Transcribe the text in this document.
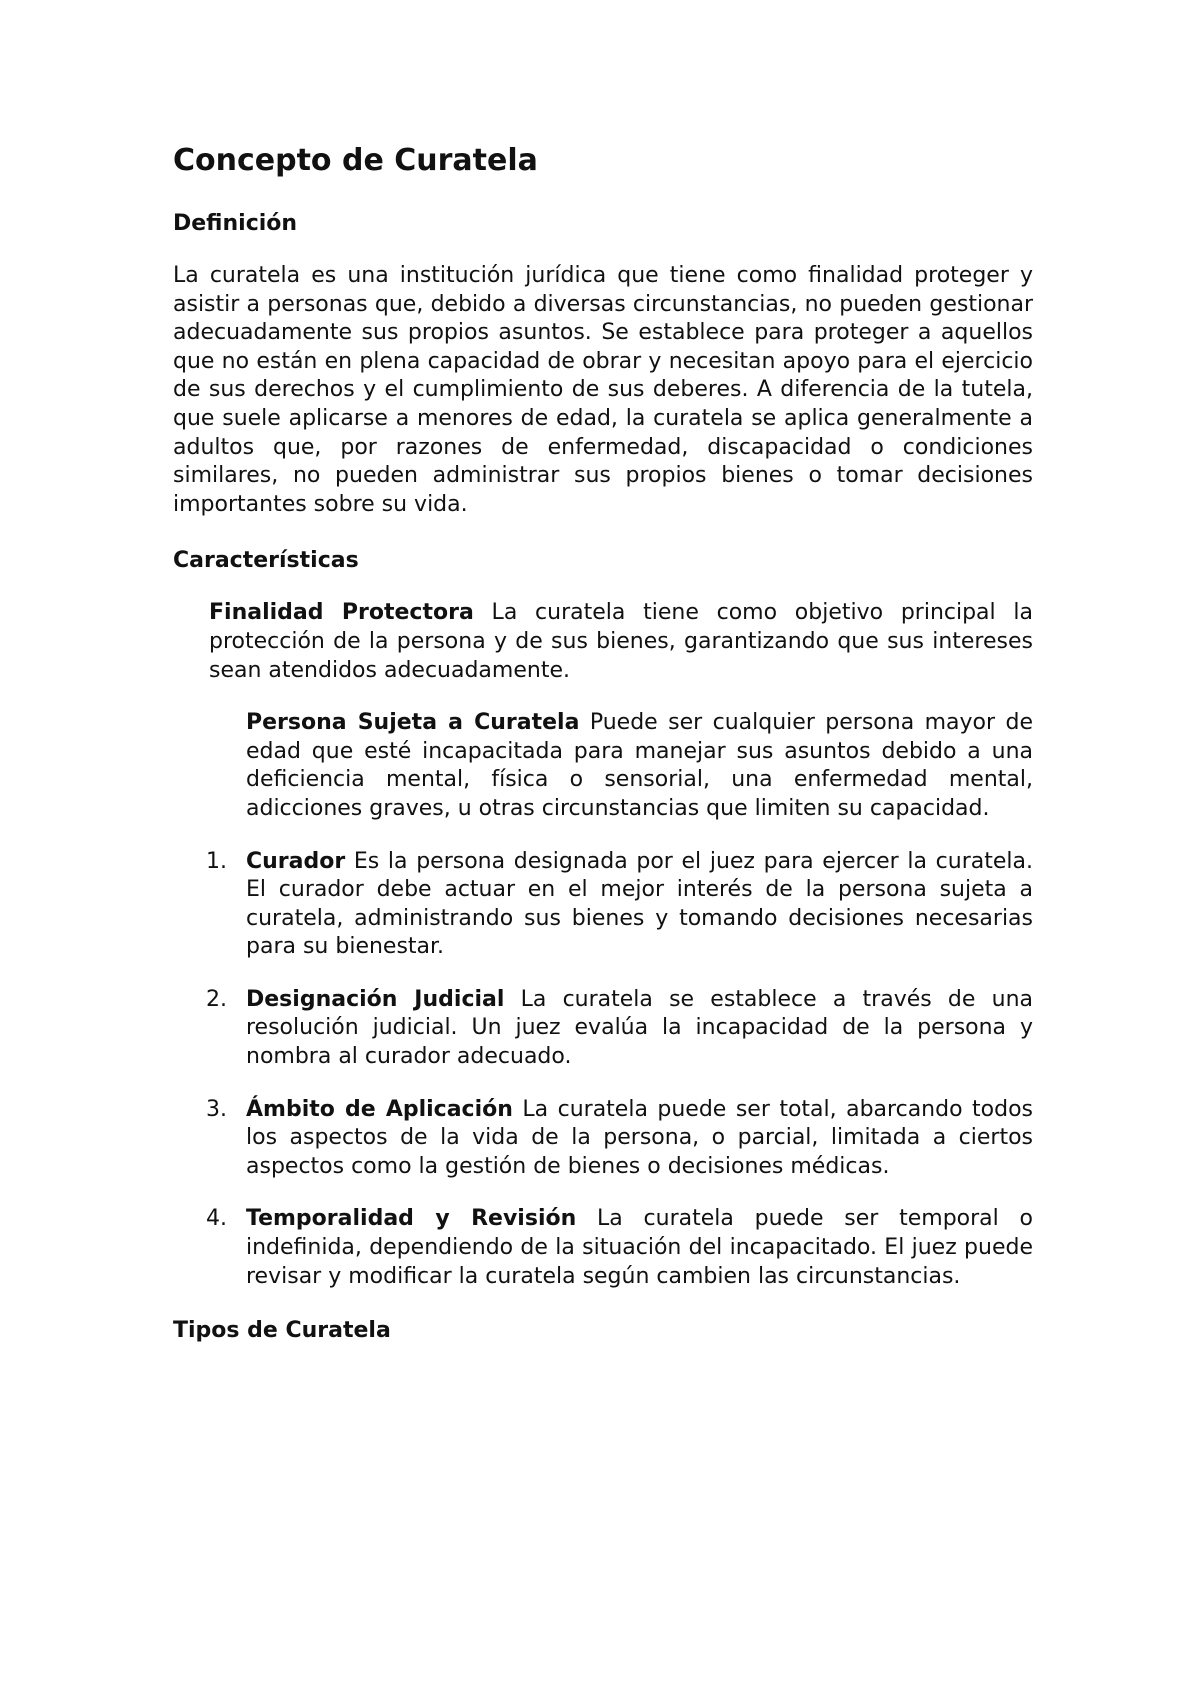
Concepto de Curatela
Definición

La curatela es una institución jurídica que tiene como finalidad proteger y asistir a personas que, debido a diversas circunstancias, no pueden gestionar adecuadamente sus propios asuntos. Se establece para proteger a aquellos que no están en plena capacidad de obrar y necesitan apoyo para el ejercicio de sus derechos y el cumplimiento de sus deberes. A diferencia de la tutela, que suele aplicarse a menores de edad, la curatela se aplica generalmente a adultos que, por razones de enfermedad, discapacidad o condiciones similares, no pueden administrar sus propios bienes o tomar decisiones importantes sobre su vida.

Características

Finalidad Protectora La curatela tiene como objetivo principal la protección de la persona y de sus bienes, garantizando que sus intereses sean atendidos adecuadamente.

Persona Sujeta a Curatela Puede ser cualquier persona mayor de edad que esté incapacitada para manejar sus asuntos debido a una deficiencia mental, física o sensorial, una enfermedad mental, adicciones graves, u otras circunstancias que limiten su capacidad.

1. Curador Es la persona designada por el juez para ejercer la curatela. El curador debe actuar en el mejor interés de la persona sujeta a curatela, administrando sus bienes y tomando decisiones necesarias para su bienestar.
2. Designación Judicial La curatela se establece a través de una resolución judicial. Un juez evalúa la incapacidad de la persona y nombra al curador adecuado.
3. Ámbito de Aplicación La curatela puede ser total, abarcando todos los aspectos de la vida de la persona, o parcial, limitada a ciertos aspectos como la gestión de bienes o decisiones médicas.
4. Temporalidad y Revisión La curatela puede ser temporal o indefinida, dependiendo de la situación del incapacitado. El juez puede revisar y modificar la curatela según cambien las circunstancias.
Tipos de Curatela
